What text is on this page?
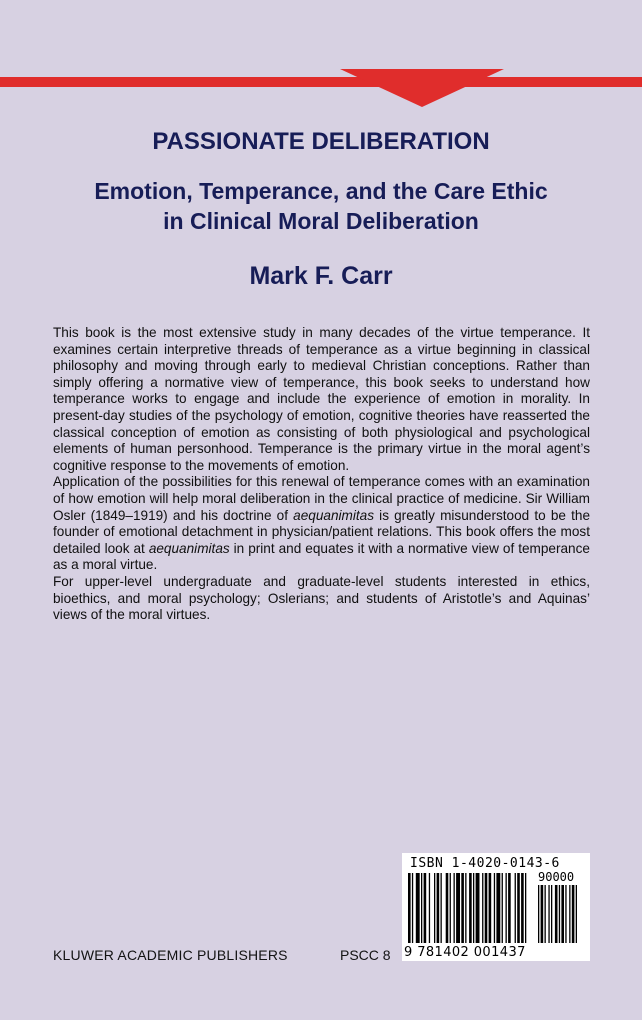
PASSIONATE DELIBERATION
Emotion, Temperance, and the Care Ethic
in Clinical Moral Deliberation
Mark F. Carr

This book is the most extensive study in many decades of the virtue temperance. It examines certain interpretive threads of temperance as a virtue beginning in classical philosophy and moving through early to medieval Christian conceptions. Rather than simply offering a normative view of temperance, this book seeks to understand how temperance works to engage and include the experience of emotion in morality. In present-day studies of the psychology of emotion, cognitive theories have reasserted the classical conception of emotion as consisting of both physiological and psychological elements of human personhood. Temperance is the primary virtue in the moral agent’s cognitive response to the movements of emotion.

Application of the possibilities for this renewal of temperance comes with an examination of how emotion will help moral deliberation in the clinical practice of medicine. Sir William Osler (1849–1919) and his doctrine of aequanimitas is greatly misunderstood to be the founder of emotional detachment in physician/patient relations. This book offers the most detailed look at aequanimitas in print and equates it with a normative view of temperance as a moral virtue.

For upper-level undergraduate and graduate-level students interested in ethics, bioethics, and moral psychology; Oslerians; and students of Aristotle’s and Aquinas’ views of the moral virtues.

KLUWER ACADEMIC PUBLISHERS	PSCC 8
ISBN 1-4020-0143-6
90000
9 781402 001437
